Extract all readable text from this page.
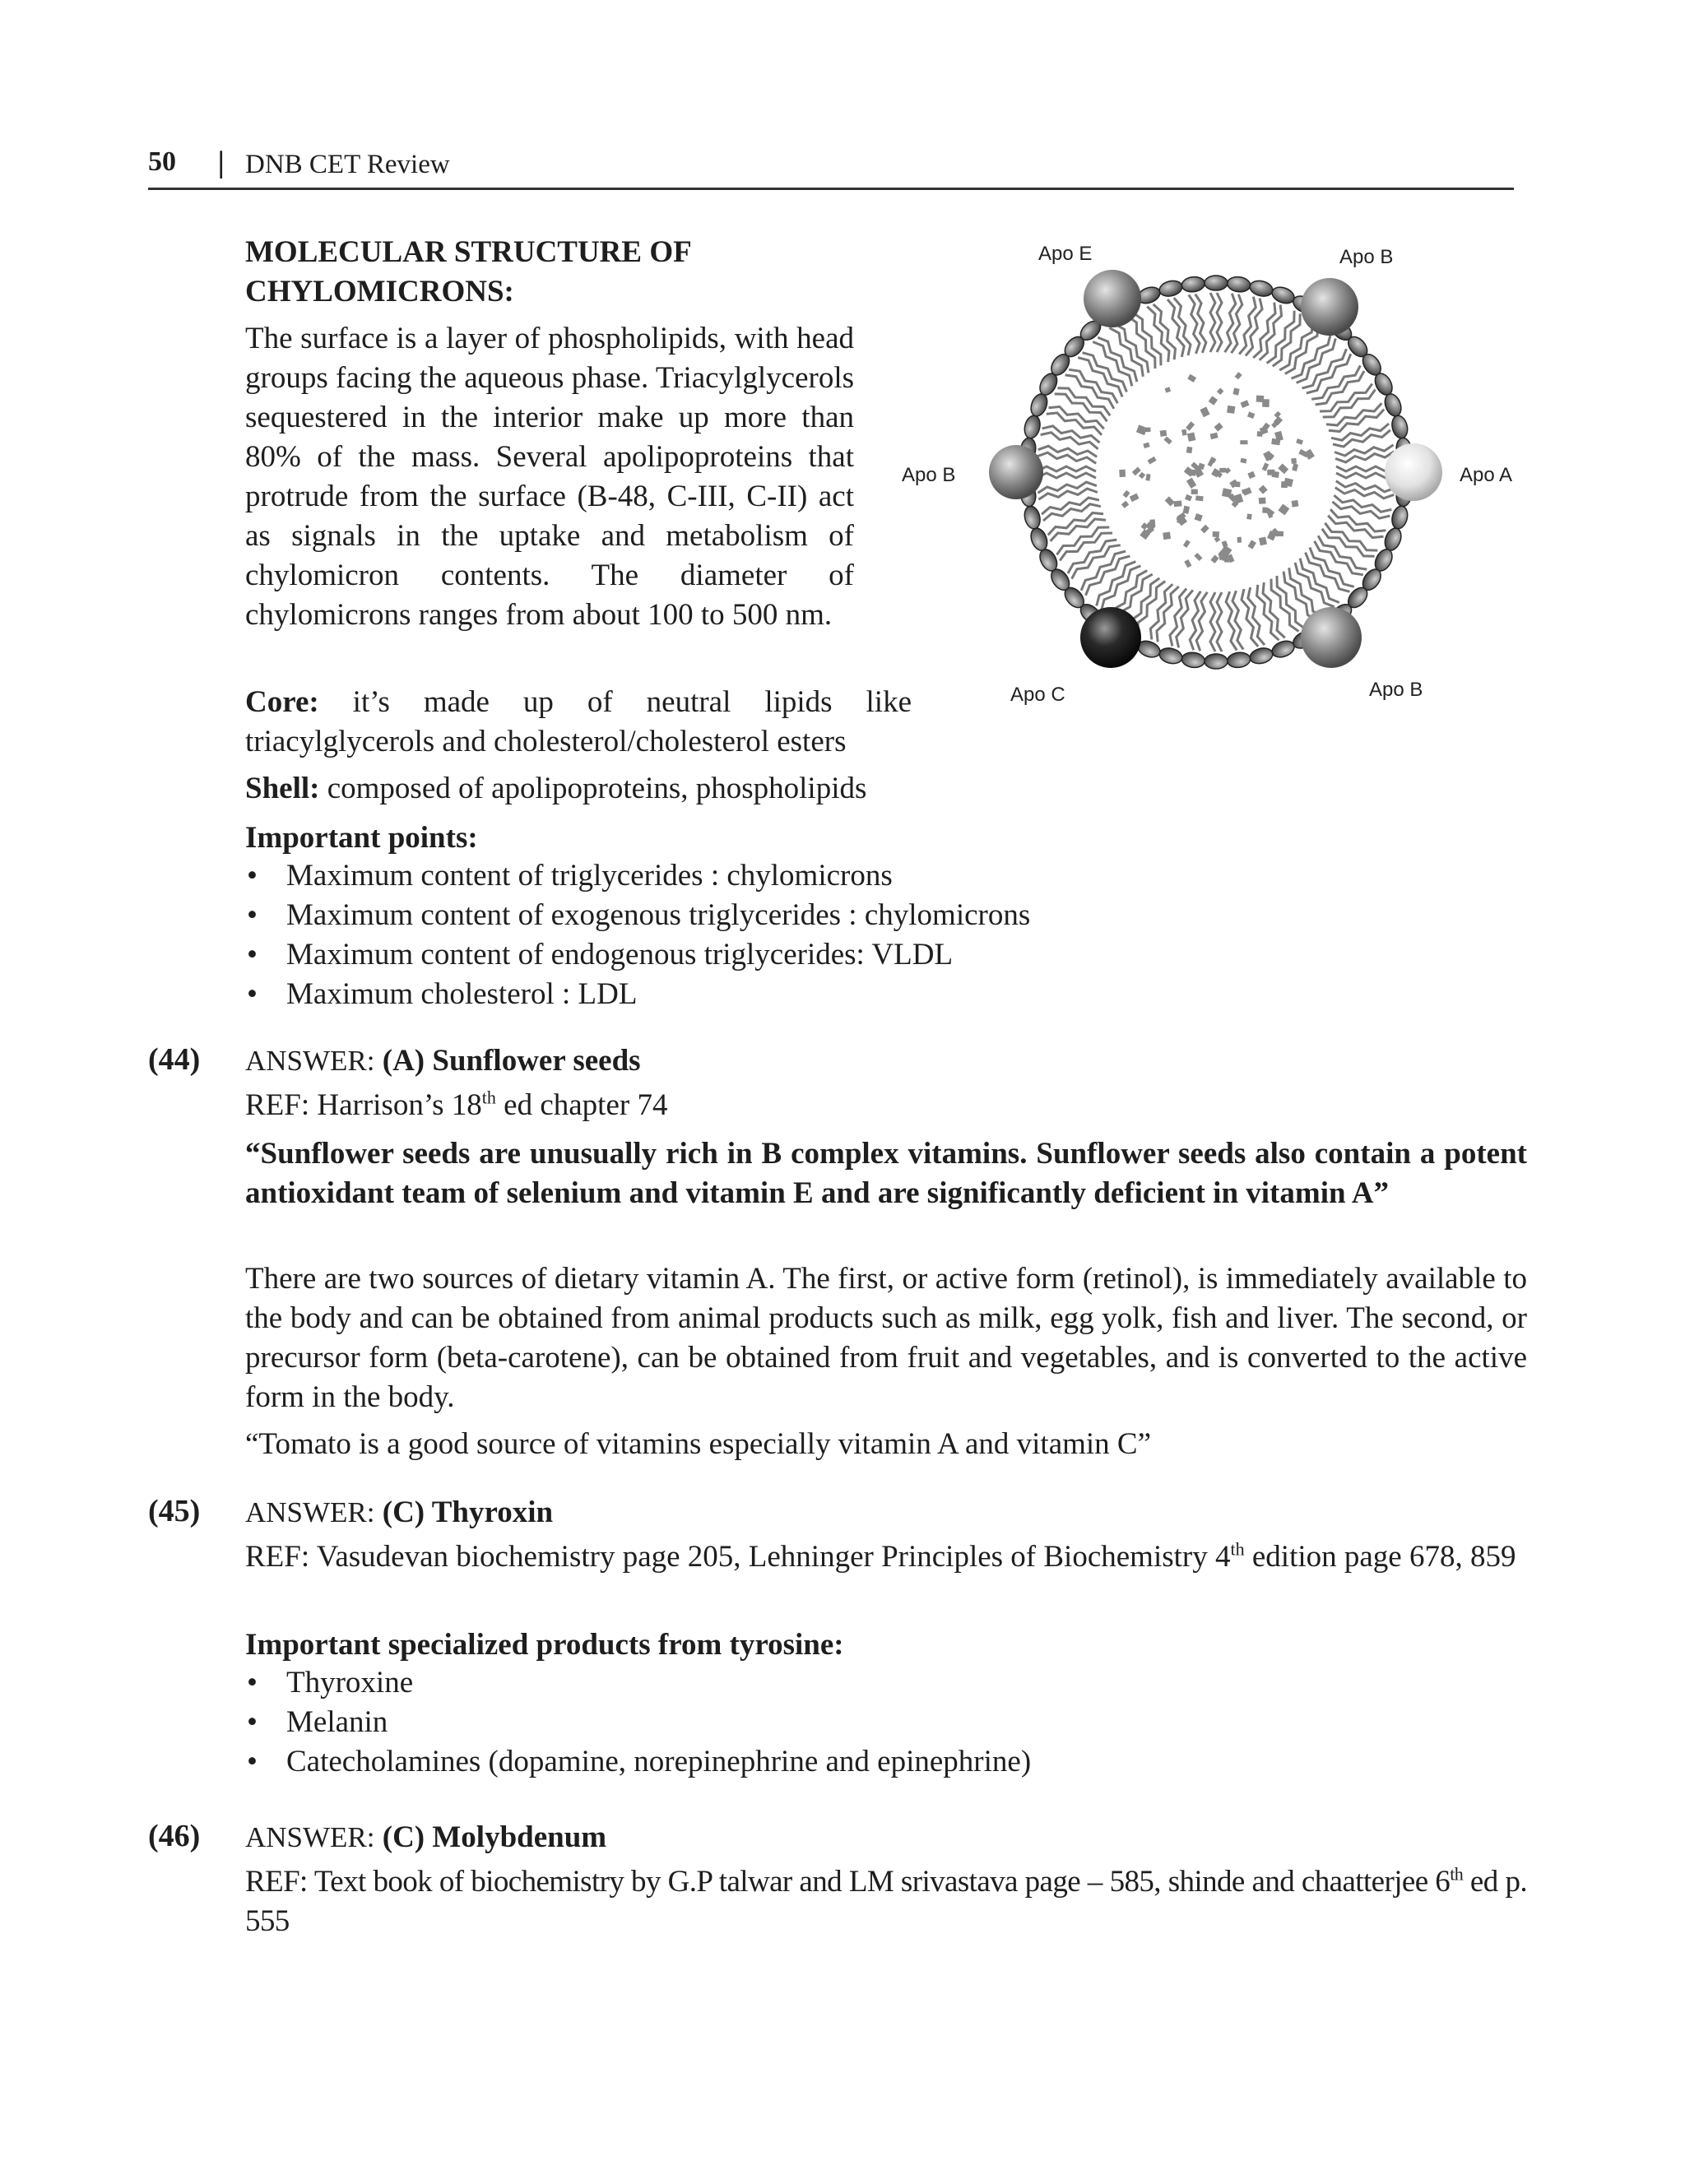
50 | DNB CET Review
MOLECULAR STRUCTURE OF
CHYLOMICRONS:
The surface is a layer of phospholipids, with head groups facing the aqueous phase. Triacylglycerols sequestered in the interior make up more than 80% of the mass. Several apolipoproteins that protrude from the surface (B-48, C-III, C-II) act as signals in the uptake and metabolism of chylomicron contents. The diameter of chylomicrons ranges from about 100 to 500 nm.
Core: it’s made up of neutral lipids like triacylglycerols and cholesterol/cholesterol esters
Shell: composed of apolipoproteins, phospholipids
Important points:
• Maximum content of triglycerides : chylomicrons
• Maximum content of exogenous triglycerides : chylomicrons
• Maximum content of endogenous triglycerides: VLDL
• Maximum cholesterol : LDL
Apo E	Apo B
Apo B	Apo A
Apo C	Apo B
(44) ANSWER: (A) Sunflower seeds
REF: Harrison’s 18th ed chapter 74
“Sunflower seeds are unusually rich in B complex vitamins. Sunflower seeds also contain a potent antioxidant team of selenium and vitamin E and are significantly deficient in vitamin A”
There are two sources of dietary vitamin A. The first, or active form (retinol), is immediately available to the body and can be obtained from animal products such as milk, egg yolk, fish and liver. The second, or precursor form (beta-carotene), can be obtained from fruit and vegetables, and is converted to the active form in the body.
“Tomato is a good source of vitamins especially vitamin A and vitamin C”
(45) ANSWER: (C) Thyroxin
REF: Vasudevan biochemistry page 205, Lehninger Principles of Biochemistry 4th edition page 678, 859
Important specialized products from tyrosine:
• Thyroxine
• Melanin
• Catecholamines (dopamine, norepinephrine and epinephrine)
(46) ANSWER: (C) Molybdenum
REF: Text book of biochemistry by G.P talwar and LM srivastava page – 585, shinde and chaatterjee 6th ed p. 555
